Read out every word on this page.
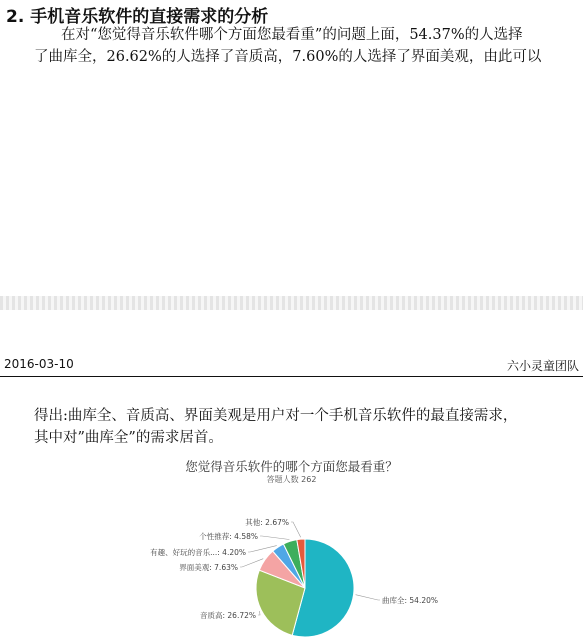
2. 手机音乐软件的直接需求的分析
在对“您觉得音乐软件哪个方面您最看重”的问题上面，54.37%的人选择
了曲库全，26.62%的人选择了音质高，7.60%的人选择了界面美观，由此可以
2016-03-10	六小灵童团队
得出:曲库全、音质高、界面美观是用户对一个手机音乐软件的最直接需求，
其中对”曲库全”的需求居首。
您觉得音乐软件的哪个方面您最看重？
答题人数 262
曲库全: 54.20%
音质高: 26.72%
界面美观: 7.63%
有趣、好玩的音乐...: 4.20%
个性推荐: 4.58%
其他: 2.67%
